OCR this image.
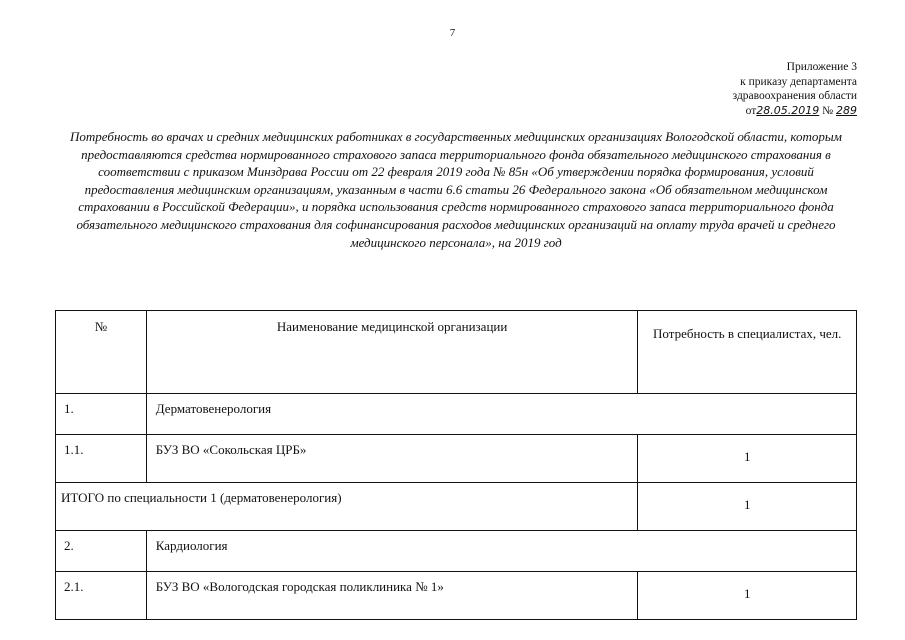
7
Приложение 3
к приказу департамента
здравоохранения области
от28.05.2019 № 289
Потребность во врачах и средних медицинских работниках в государственных медицинских организациях Вологодской области, которым предоставляются средства нормированного страхового запаса территориального фонда обязательного медицинского страхования в соответствии с приказом Минздрава России от 22 февраля 2019 года № 85н «Об утверждении порядка формирования, условий предоставления медицинским организациям, указанным в части 6.6 статьи 26 Федерального закона «Об обязательном медицинском страховании в Российской Федерации», и порядка использования средств нормированного страхового запаса территориального фонда обязательного медицинского страхования для софинансирования расходов медицинских организаций на оплату труда врачей и среднего медицинского персонала», на 2019 год
№	Наименование медицинской организации	Потребность в специалистах, чел.
1.	Дерматовенерология	
1.1.	БУЗ ВО «Сокольская ЦРБ»	1
ИТОГО по специальности 1 (дерматовенерология)		1
2.	Кардиология	
2.1.	БУЗ ВО «Вологодская городская поликлиника № 1»	1
